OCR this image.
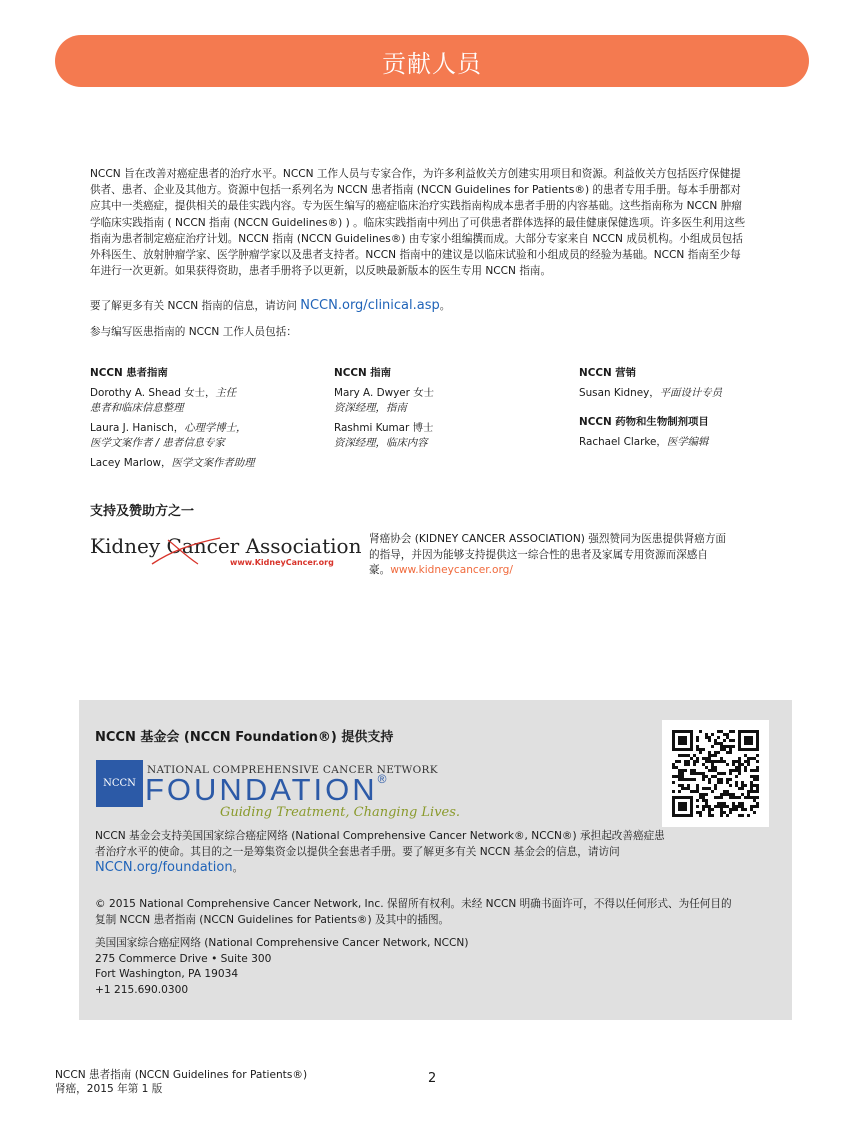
贡献人员

NCCN 旨在改善对癌症患者的治疗水平。NCCN 工作人员与专家合作，为许多利益攸关方创建实用项目和资源。利益攸关方包括医疗保健提供者、患者、企业及其他方。资源中包括一系列名为 NCCN 患者指南 (NCCN Guidelines for Patients®) 的患者专用手册。每本手册都对应其中一类癌症，提供相关的最佳实践内容。专为医生编写的癌症临床治疗实践指南构成本患者手册的内容基础。这些指南称为 NCCN 肿瘤学临床实践指南 ( NCCN 指南 (NCCN Guidelines®) ) 。临床实践指南中列出了可供患者群体选择的最佳健康保健选项。许多医生利用这些指南为患者制定癌症治疗计划。NCCN 指南 (NCCN Guidelines®) 由专家小组编撰而成。大部分专家来自 NCCN 成员机构。小组成员包括外科医生、放射肿瘤学家、医学肿瘤学家以及患者支持者。NCCN 指南中的建议是以临床试验和小组成员的经验为基础。NCCN 指南至少每年进行一次更新。如果获得资助，患者手册将予以更新，以反映最新版本的医生专用 NCCN 指南。

要了解更多有关 NCCN 指南的信息，请访问 NCCN.org/clinical.asp。
参与编写医患指南的 NCCN 工作人员包括：
NCCN 患者指南
Dorothy A. Shead 女士，主任
患者和临床信息整理
Laura J. Hanisch，心理学博士，
医学文案作者 / 患者信息专家
Lacey Marlow，医学文案作者助理
NCCN 指南
Mary A. Dwyer 女士
资深经理，指南
Rashmi Kumar 博士
资深经理，临床内容
NCCN 营销
Susan Kidney，平面设计专员
NCCN 药物和生物制剂项目
Rachael Clarke，医学编辑
支持及赞助方之一
Kidney Cancer Association
www.KidneyCancer.org
肾癌协会 (KIDNEY CANCER ASSOCIATION) 强烈赞同为医患提供肾癌方面的指导，并因为能够支持提供这一综合性的患者及家属专用资源而深感自豪。www.kidneycancer.org/
NCCN 基金会 (NCCN Foundation®) 提供支持
NCCN
NATIONAL COMPREHENSIVE CANCER NETWORK
FOUNDATION®
Guiding Treatment, Changing Lives.
NCCN 基金会支持美国国家综合癌症网络 (National Comprehensive Cancer Network®, NCCN®) 承担起改善癌症患者治疗水平的使命。其目的之一是筹集资金以提供全套患者手册。要了解更多有关 NCCN 基金会的信息，请访问 NCCN.org/foundation。
© 2015 National Comprehensive Cancer Network, Inc. 保留所有权利。未经 NCCN 明确书面许可，不得以任何形式、为任何目的复制 NCCN 患者指南 (NCCN Guidelines for Patients®) 及其中的插图。
美国国家综合癌症网络 (National Comprehensive Cancer Network, NCCN)
275 Commerce Drive • Suite 300
Fort Washington, PA 19034
+1 215.690.0300
NCCN 患者指南 (NCCN Guidelines for Patients®)
肾癌，2015 年第 1 版
2
